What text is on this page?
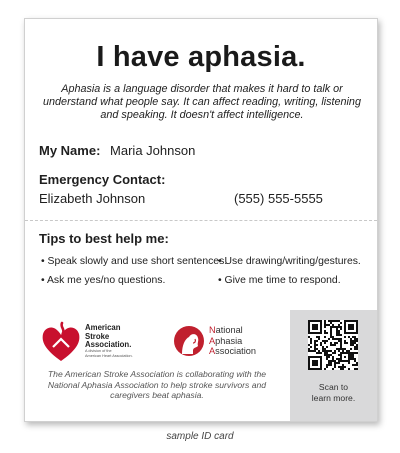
I have aphasia.
Aphasia is a language disorder that makes it hard to talk or understand what people say. It can affect reading, writing, listening and speaking. It doesn't affect intelligence.
My Name: Maria Johnson
Emergency Contact:
Elizabeth Johnson	(555) 555-5555
Tips to best help me:
• Speak slowly and use short sentences.
• Use drawing/writing/gestures.
• Ask me yes/no questions.	• Give me time to respond.
American
Stroke
Association.
A division of the
American Heart Association.
National
Aphasia
Association
The American Stroke Association is collaborating with the National Aphasia Association to help stroke survivors and caregivers beat aphasia.
Scan to
learn more.
sample ID card
